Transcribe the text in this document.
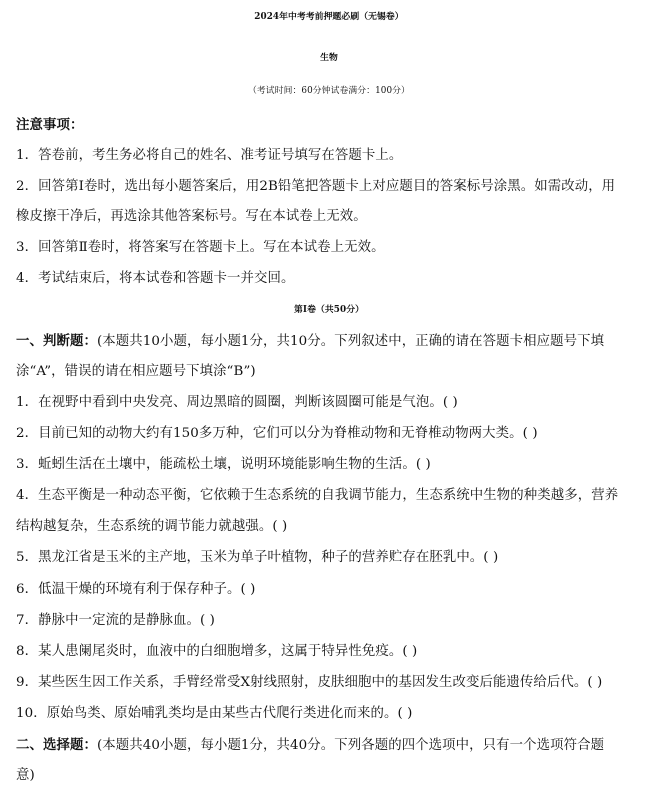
2024年中考考前押题必刷（无锡卷）
生物
（考试时间：60分钟试卷满分：100分）
注意事项：
1．答卷前，考生务必将自己的姓名、准考证号填写在答题卡上。
2．回答第Ⅰ卷时，选出每小题答案后，用2B铅笔把答题卡上对应题目的答案标号涂黑。如需改动，用
橡皮擦干净后，再选涂其他答案标号。写在本试卷上无效。
3．回答第Ⅱ卷时，将答案写在答题卡上。写在本试卷上无效。
4．考试结束后，将本试卷和答题卡一并交回。
第Ⅰ卷（共50分）
一、判断题：(本题共10小题，每小题1分，共10分。下列叙述中，正确的请在答题卡相应题号下填
涂“A”，错误的请在相应题号下填涂“B”)
1．在视野中看到中央发亮、周边黑暗的圆圈，判断该圆圈可能是气泡。( )
2．目前已知的动物大约有150多万种，它们可以分为脊椎动物和无脊椎动物两大类。( )
3．蚯蚓生活在土壤中，能疏松土壤，说明环境能影响生物的生活。( )
4．生态平衡是一种动态平衡，它依赖于生态系统的自我调节能力，生态系统中生物的种类越多，营养
结构越复杂，生态系统的调节能力就越强。( )
5．黑龙江省是玉米的主产地，玉米为单子叶植物，种子的营养贮存在胚乳中。( )
6．低温干燥的环境有利于保存种子。( )
7．静脉中一定流的是静脉血。( )
8．某人患阑尾炎时，血液中的白细胞增多，这属于特异性免疫。( )
9．某些医生因工作关系，手臂经常受X射线照射，皮肤细胞中的基因发生改变后能遗传给后代。( )
10．原始鸟类、原始哺乳类均是由某些古代爬行类进化而来的。( )
二、选择题：(本题共40小题，每小题1分，共40分。下列各题的四个选项中，只有一个选项符合题
意)
